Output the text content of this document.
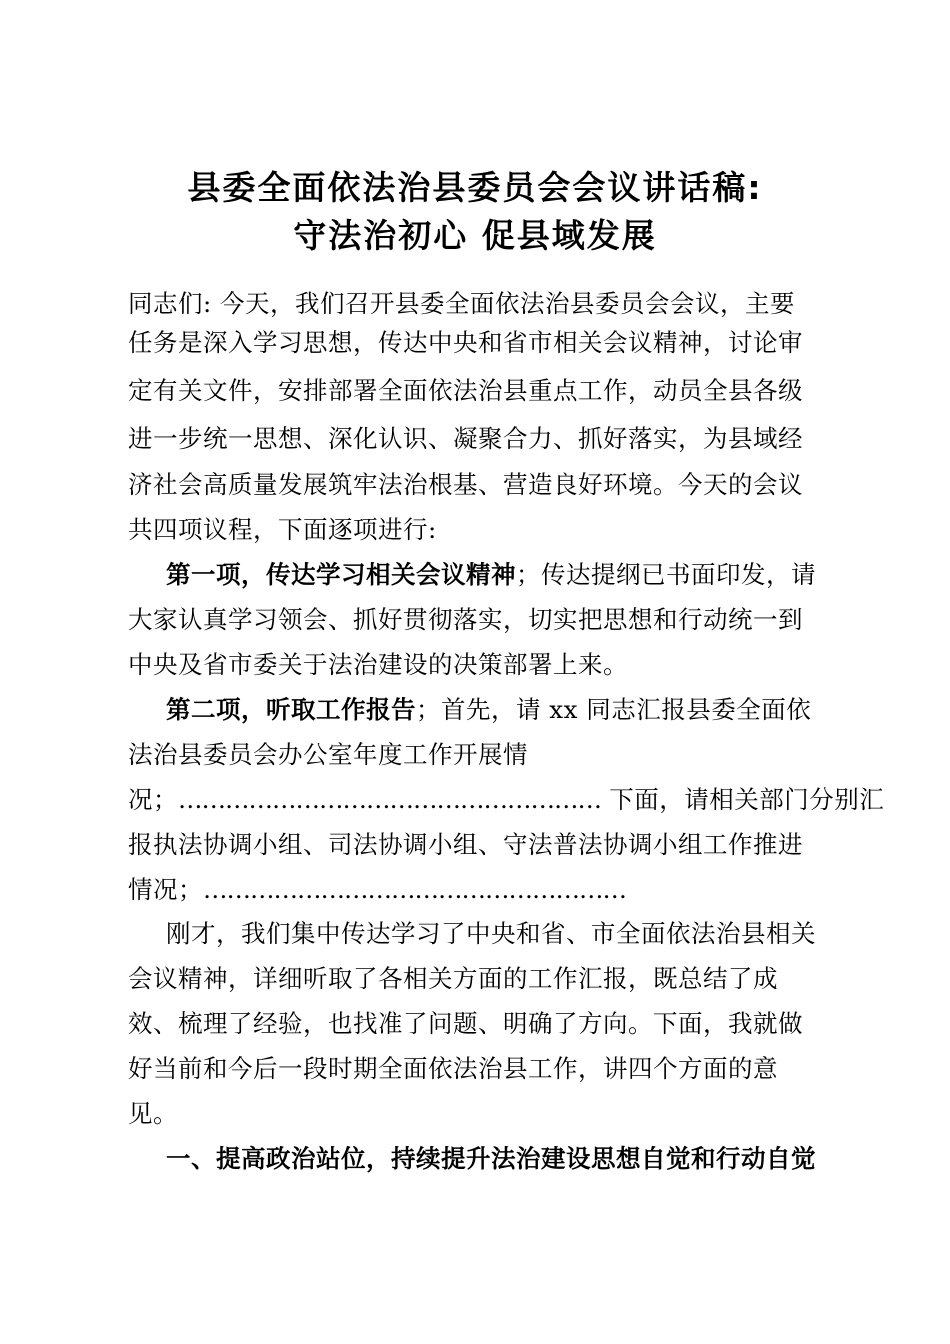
县委全面依法治县委员会会议讲话稿:
守法治初心 促县域发展
同志们: 今天，我们召开县委全面依法治县委员会会议，主要
任务是深入学习思想，传达中央和省市相关会议精神，讨论审
定有关文件，安排部署全面依法治县重点工作，动员全县各级
进一步统一思想、深化认识、凝聚合力、抓好落实，为县域经
济社会高质量发展筑牢法治根基、营造良好环境。今天的会议
共四项议程，下面逐项进行:
第一项，传达学习相关会议精神；传达提纲已书面印发，请
大家认真学习领会、抓好贯彻落实，切实把思想和行动统一到
中央及省市委关于法治建设的决策部署上来。
第二项，听取工作报告；首先，请 xx 同志汇报县委全面依
法治县委员会办公室年度工作开展情
况；……………………………………………… 下面，请相关部门分别汇
报执法协调小组、司法协调小组、守法普法协调小组工作推进
情况；………………………………………………
刚才，我们集中传达学习了中央和省、市全面依法治县相关
会议精神，详细听取了各相关方面的工作汇报，既总结了成
效、梳理了经验，也找准了问题、明确了方向。下面，我就做
好当前和今后一段时期全面依法治县工作，讲四个方面的意
见。
一、提高政治站位，持续提升法治建设思想自觉和行动自觉
